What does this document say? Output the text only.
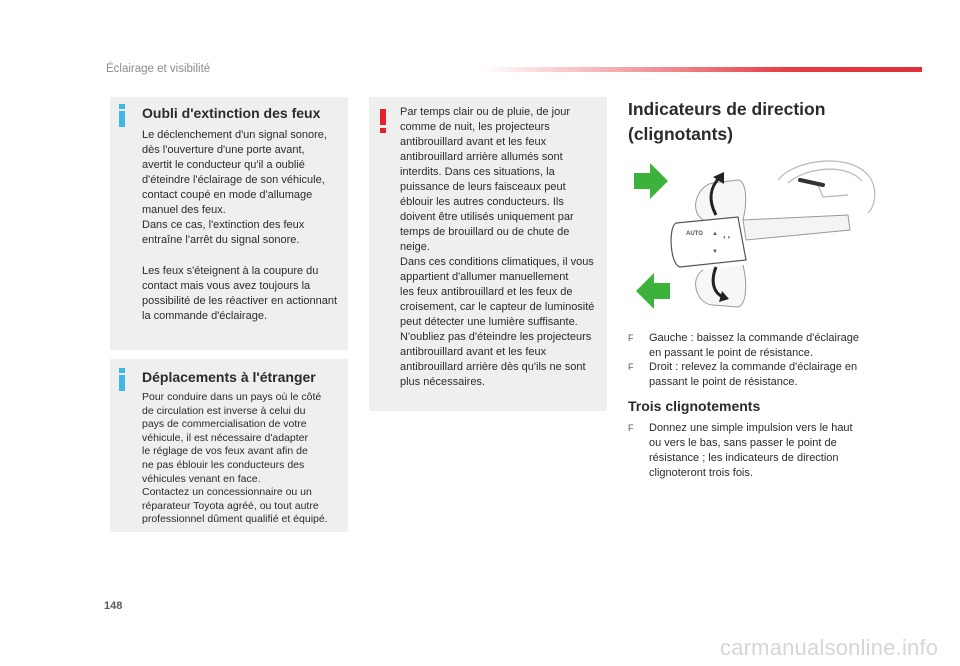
Éclairage et visibilité
Oubli d'extinction des feux
Le déclenchement d'un signal sonore,
dès l'ouverture d'une porte avant,
avertit le conducteur qu'il a oublié
d'éteindre l'éclairage de son véhicule,
contact coupé en mode d'allumage
manuel des feux.
Dans ce cas, l'extinction des feux
entraîne l'arrêt du signal sonore.
Les feux s'éteignent à la coupure du
contact mais vous avez toujours la
possibilité de les réactiver en actionnant
la commande d'éclairage.
Déplacements à l'étranger
Pour conduire dans un pays où le côté
de circulation est inverse à celui du
pays de commercialisation de votre
véhicule, il est nécessaire d'adapter
le réglage de vos feux avant afin de
ne pas éblouir les conducteurs des
véhicules venant en face.
Contactez un concessionnaire ou un
réparateur Toyota agréé, ou tout autre
professionnel dûment qualifié et équipé.
Par temps clair ou de pluie, de jour
comme de nuit, les projecteurs
antibrouillard avant et les feux
antibrouillard arrière allumés sont
interdits. Dans ces situations, la
puissance de leurs faisceaux peut
éblouir les autres conducteurs. Ils
doivent être utilisés uniquement par
temps de brouillard ou de chute de
neige.
Dans ces conditions climatiques, il vous
appartient d'allumer manuellement
les feux antibrouillard et les feux de
croisement, car le capteur de luminosité
peut détecter une lumière suffisante.
N'oubliez pas d'éteindre les projecteurs
antibrouillard avant et les feux
antibrouillard arrière dès qu'ils ne sont
plus nécessaires.
Indicateurs de direction (clignotants)
AUTO ▲
▼
◐◑
F Gauche : baissez la commande d'éclairage
en passant le point de résistance.
F Droit : relevez la commande d'éclairage en
passant le point de résistance.
Trois clignotements
F Donnez une simple impulsion vers le haut
ou vers le bas, sans passer le point de
résistance ; les indicateurs de direction
clignoteront trois fois.
148
carmanualsonline.info
